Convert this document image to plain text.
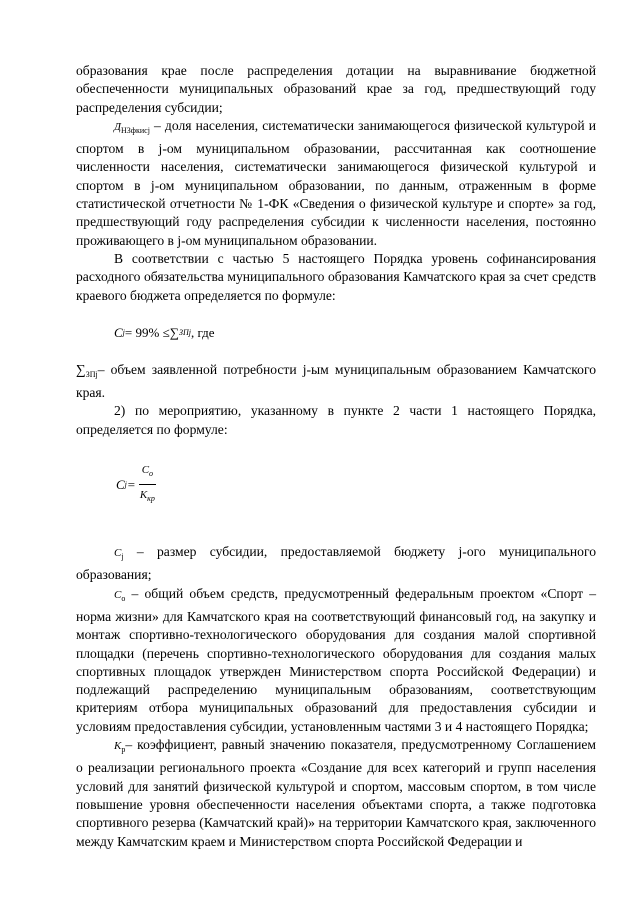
образования крае после распределения дотации на выравнивание бюджетной обеспеченности муниципальных образований крае за год, предшествующий году распределения субсидии;

$Д_{НЗфкиcj}$ – доля населения, систематически занимающегося физической культурой и спортом в j-ом муниципальном образовании, рассчитанная как соотношение численности населения, систематически занимающегося физической культурой и спортом в j-ом муниципальном образовании, по данным, отраженным в форме статистической отчетности № 1-ФК «Сведения о физической культуре и спорте» за год, предшествующий году распределения субсидии к численности населения, постоянно проживающего в j-ом муниципальном образовании.

В соответствии с частью 5 настоящего Порядка уровень софинансирования расходного обязательства муниципального образования Камчатского края за счет средств краевого бюджета определяется по формуле:

C j = 99% ≤ ∑ ЗПj , где

$\sum_{ЗПj}-$ объем заявленной потребности j-ым муниципальным образованием Камчатского края.

2) по мероприятию, указанному в пункте 2 части 1 настоящего Порядка, определяется по формуле:

C $j = \frac{C_o}{K_{кр}}$

$C_j$ – размер субсидии, предоставляемой бюджету j-ого муниципального образования;

$C_o$ – общий объем средств, предусмотренный федеральным проектом «Спорт – норма жизни» для Камчатского края на соответствующий финансовый год, на закупку и монтаж спортивно-технологического оборудования для создания малой спортивной площадки (перечень спортивно-технологического оборудования для создания малых спортивных площадок утвержден Министерством спорта Российской Федерации) и подлежащий распределению муниципальным образованиям, соответствующим критериям отбора муниципальных образований для предоставления субсидии и условиям предоставления субсидии, установленным частями 3 и 4 настоящего Порядка;

$K_р-$ коэффициент, равный значению показателя, предусмотренному Соглашением о реализации регионального проекта «Создание для всех категорий и групп населения условий для занятий физической культурой и спортом, массовым спортом, в том числе повышение уровня обеспеченности населения объектами спорта, а также подготовка спортивного резерва (Камчатский край)» на территории Камчатского края, заключенного между Камчатским краем и Министерством спорта Российской Федерации и
